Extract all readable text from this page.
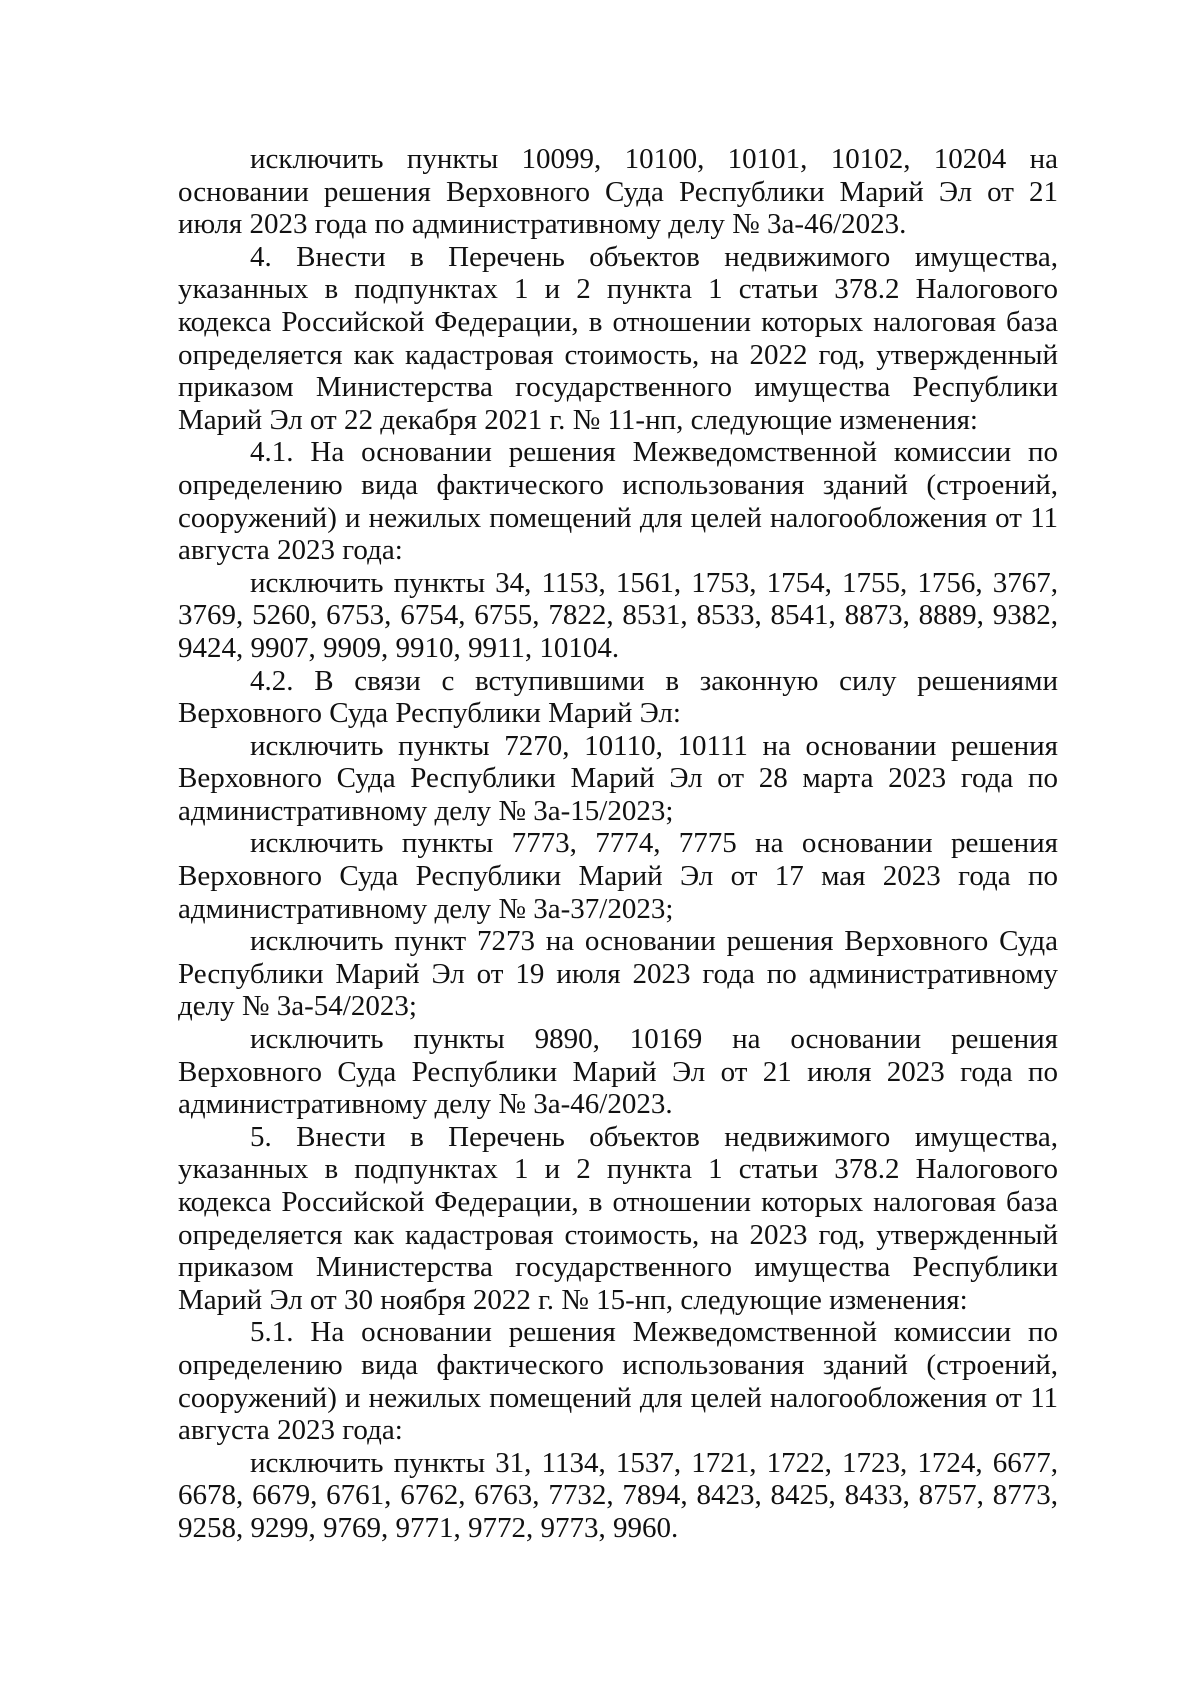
исключить пункты 10099, 10100, 10101, 10102, 10204 на основании решения Верховного Суда Республики Марий Эл от 21 июля 2023 года по административному делу № 3а-46/2023.

4. Внести в Перечень объектов недвижимого имущества, указанных в подпунктах 1 и 2 пункта 1 статьи 378.2 Налогового кодекса Российской Федерации, в отношении которых налоговая база определяется как кадастровая стоимость, на 2022 год, утвержденный приказом Министерства государственного имущества Республики Марий Эл от 22 декабря 2021 г. № 11-нп, следующие изменения:

4.1. На основании решения Межведомственной комиссии по определению вида фактического использования зданий (строений, сооружений) и нежилых помещений для целей налогообложения от 11 августа 2023 года:

исключить пункты 34, 1153, 1561, 1753, 1754, 1755, 1756, 3767, 3769, 5260, 6753, 6754, 6755, 7822, 8531, 8533, 8541, 8873, 8889, 9382, 9424, 9907, 9909, 9910, 9911, 10104.

4.2. В связи с вступившими в законную силу решениями Верховного Суда Республики Марий Эл:

исключить пункты 7270, 10110, 10111 на основании решения Верховного Суда Республики Марий Эл от 28 марта 2023 года по административному делу № 3а-15/2023;

исключить пункты 7773, 7774, 7775 на основании решения Верховного Суда Республики Марий Эл от 17 мая 2023 года по административному делу № 3а-37/2023;

исключить пункт 7273 на основании решения Верховного Суда Республики Марий Эл от 19 июля 2023 года по административному делу № 3а-54/2023;

исключить пункты 9890, 10169 на основании решения Верховного Суда Республики Марий Эл от 21 июля 2023 года по административному делу № 3а-46/2023.

5. Внести в Перечень объектов недвижимого имущества, указанных в подпунктах 1 и 2 пункта 1 статьи 378.2 Налогового кодекса Российской Федерации, в отношении которых налоговая база определяется как кадастровая стоимость, на 2023 год, утвержденный приказом Министерства государственного имущества Республики Марий Эл от 30 ноября 2022 г. № 15-нп, следующие изменения:

5.1. На основании решения Межведомственной комиссии по определению вида фактического использования зданий (строений, сооружений) и нежилых помещений для целей налогообложения от 11 августа 2023 года:

исключить пункты 31, 1134, 1537, 1721, 1722, 1723, 1724, 6677, 6678, 6679, 6761, 6762, 6763, 7732, 7894, 8423, 8425, 8433, 8757, 8773, 9258, 9299, 9769, 9771, 9772, 9773, 9960.
